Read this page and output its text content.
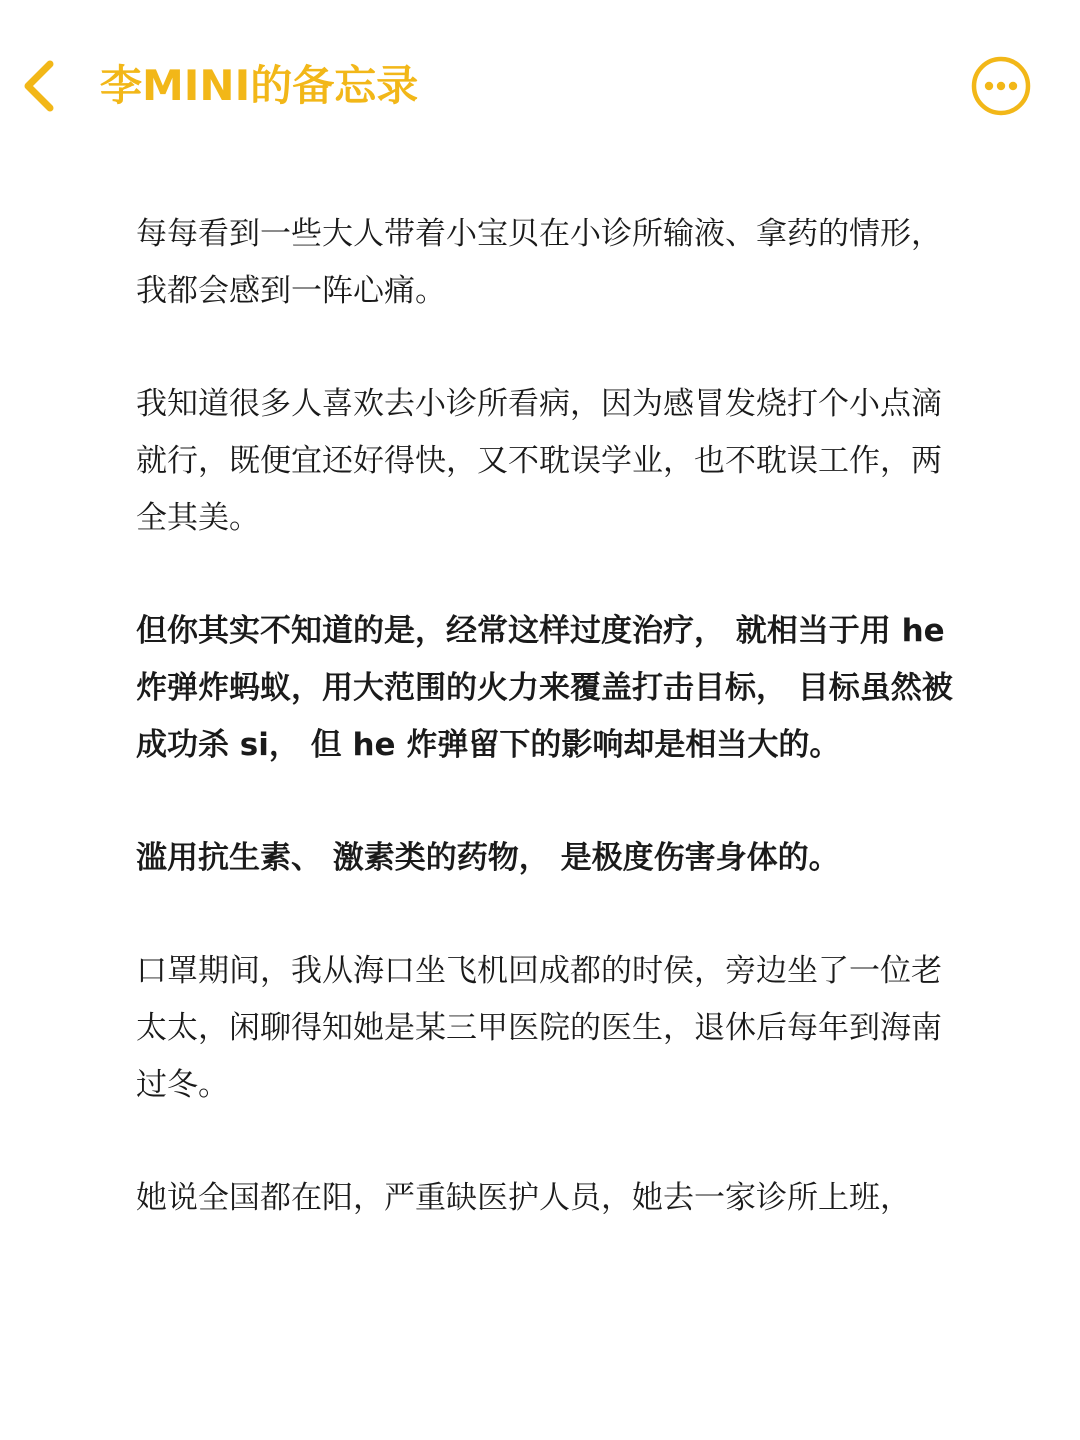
李MINI的备忘录

每每看到一些大人带着小宝贝在小诊所输液、拿药的情形，我都会感到一阵心痛。

我知道很多人喜欢去小诊所看病，因为感冒发烧打个小点滴就行，既便宜还好得快，又不耽误学业，也不耽误工作，两全其美。

但你其实不知道的是，经常这样过度治疗， 就相当于用 he 炸弹炸蚂蚁，用大范围的火力来覆盖打击目标， 目标虽然被成功杀 si， 但 he 炸弹留下的影响却是相当大的。

滥用抗生素、 激素类的药物， 是极度伤害身体的。

口罩期间，我从海口坐飞机回成都的时侯，旁边坐了一位老太太，闲聊得知她是某三甲医院的医生，退休后每年到海南过冬。

她说全国都在阳，严重缺医护人员，她去一家诊所上班，
